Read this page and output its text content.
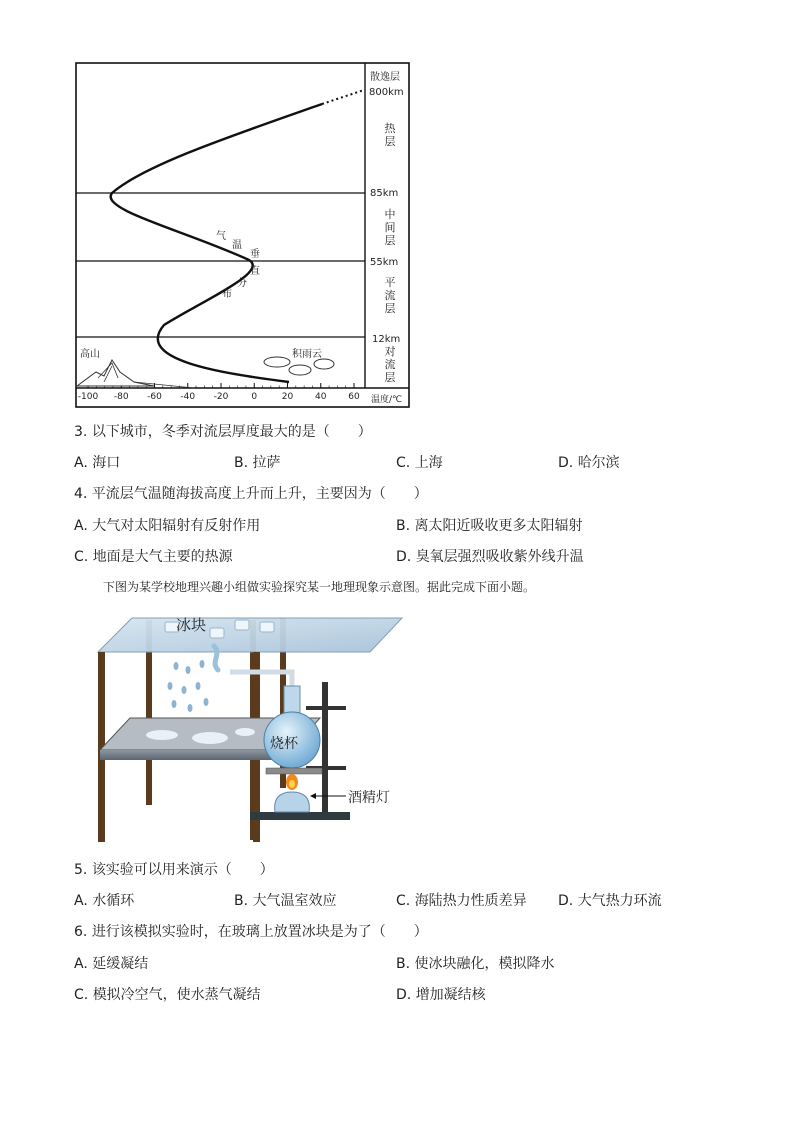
-100 -80 -60 -40 -20	0	20 40 60 温度/℃
气
温
垂
直
分
布
高山	积雨云
散逸层
800km
85km
55km
12km
热
层
中
间
层
平
流
层
对
流
层
3. 以下城市，冬季对流层厚度最大的是（　　）
A. 海口	B. 拉萨	C. 上海	D. 哈尔滨
4. 平流层气温随海拔高度上升而上升，主要因为（　　）
A. 大气对太阳辐射有反射作用	B. 离太阳近吸收更多太阳辐射
C. 地面是大气主要的热源	D. 臭氧层强烈吸收紫外线升温
下图为某学校地理兴趣小组做实验探究某一地理现象示意图。据此完成下面小题。
冰块
烧杯
酒精灯
5. 该实验可以用来演示（　　）
A. 水循环	B. 大气温室效应	C. 海陆热力性质差异 D. 大气热力环流
6. 进行该模拟实验时，在玻璃上放置冰块是为了（　　）
A. 延缓凝结	B. 使冰块融化，模拟降水
C. 模拟冷空气，使水蒸气凝结	D. 增加凝结核
